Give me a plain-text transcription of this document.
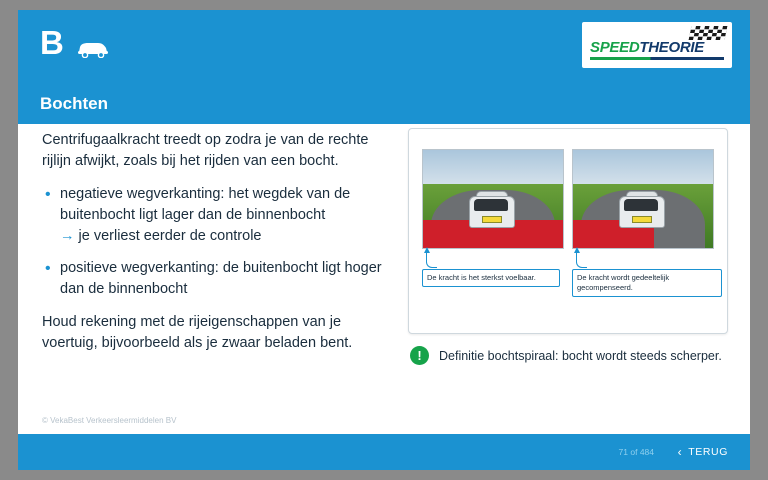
B	SPEEDTHEORIE
Bochten

Centrifugaalkracht treedt op zodra je van de rechte rijlijn afwijkt, zoals bij het rijden van een bocht.

• negatieve wegverkanting: het wegdek van de buitenbocht ligt lager dan de binnenbocht
→ je verliest eerder de controle
• positieve wegverkanting: de buitenbocht ligt hoger dan de binnenbocht

Houd rekening met de rijeigenschappen van je voertuig, bijvoorbeeld als je zwaar beladen bent.

De kracht is het sterkst voelbaar.	De kracht wordt gedeeltelijk gecompenseerd.
!	Definitie bochtspiraal: bocht wordt steeds scherper.
© VekaBest Verkeersleermiddelen BV
71 of 484 ‹ TERUG
